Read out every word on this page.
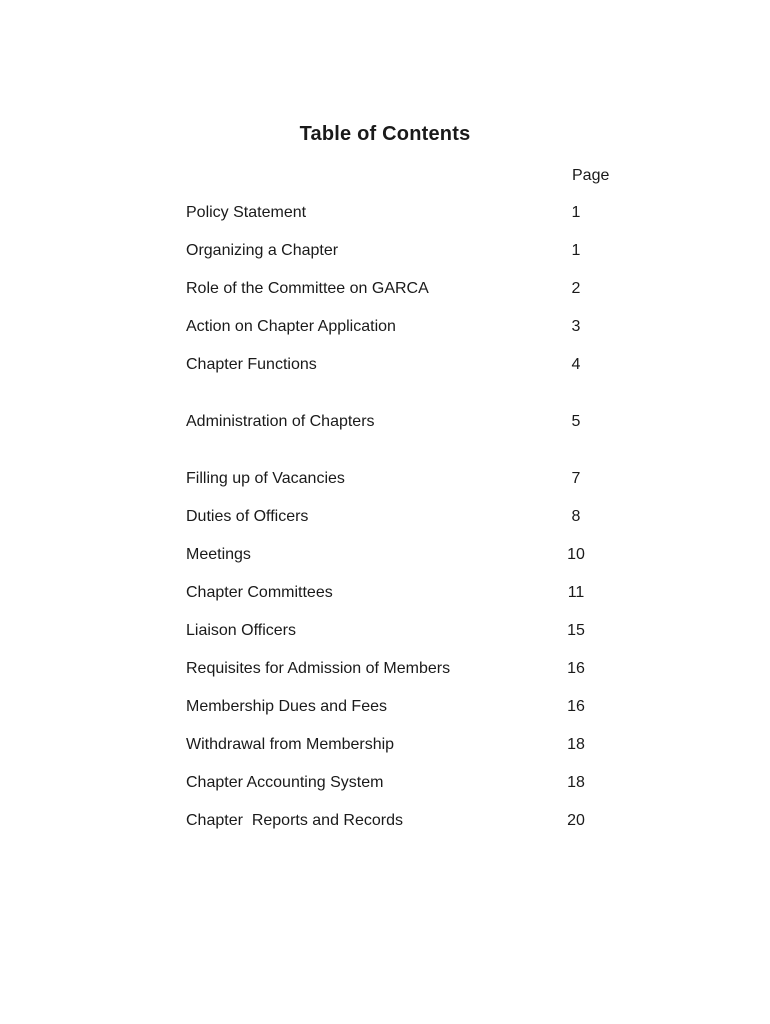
Table of Contents
Page
Policy Statement	1
Organizing a Chapter	1
Role of the Committee on GARCA	2
Action on Chapter Application	3
Chapter Functions	4
Administration of Chapters	5
Filling up of Vacancies	7
Duties of Officers	8
Meetings	10
Chapter Committees	11
Liaison Officers	15
Requisites for Admission of Members	16
Membership Dues and Fees	16
Withdrawal from Membership	18
Chapter Accounting System	18
Chapter  Reports and Records	20
